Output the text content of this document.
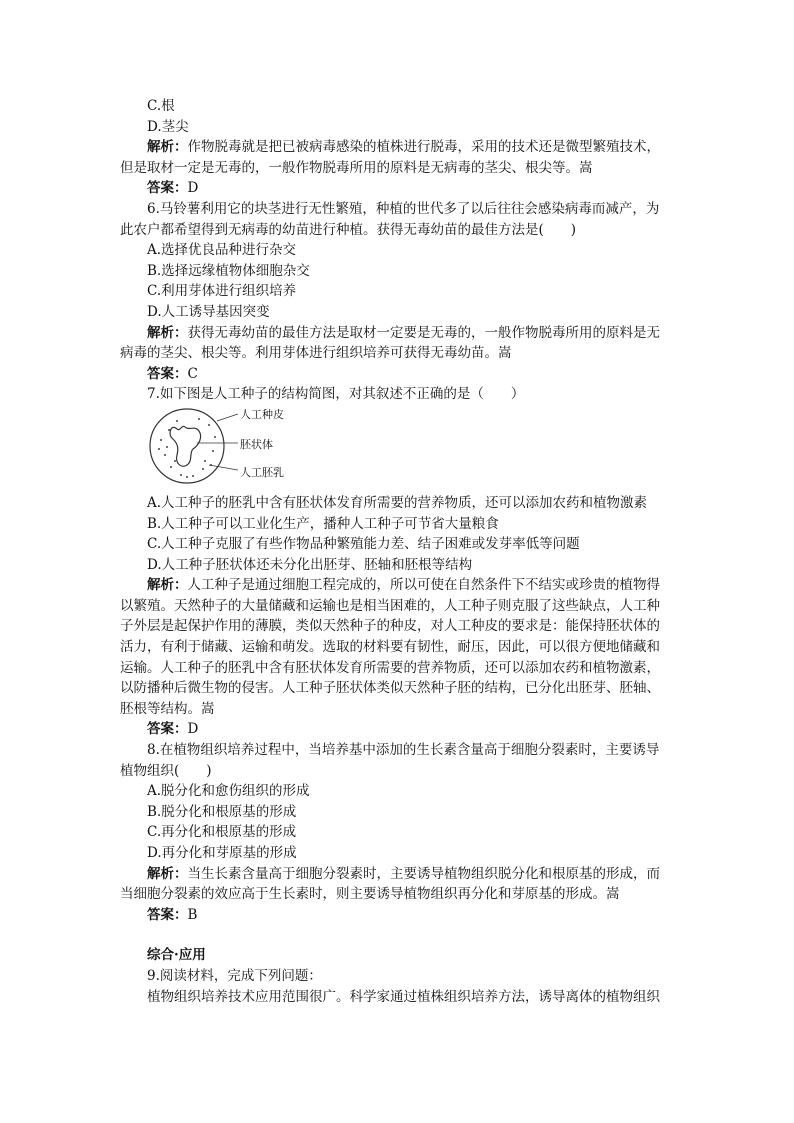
C.根
D.茎尖
解析：作物脱毒就是把已被病毒感染的植株进行脱毒，采用的技术还是微型繁殖技术，
但是取材一定是无毒的，一般作物脱毒所用的原料是无病毒的茎尖、根尖等。嵩
答案：D
6.马铃薯利用它的块茎进行无性繁殖，种植的世代多了以后往往会感染病毒而减产，为
此农户都希望得到无病毒的幼苗进行种植。获得无毒幼苗的最佳方法是(　　)
A.选择优良品种进行杂交
B.选择远缘植物体细胞杂交
C.利用芽体进行组织培养
D.人工诱导基因突变
解析：获得无毒幼苗的最佳方法是取材一定要是无毒的，一般作物脱毒所用的原料是无
病毒的茎尖、根尖等。利用芽体进行组织培养可获得无毒幼苗。嵩
答案：C
7.如下图是人工种子的结构简图，对其叙述不正确的是（　　）
人工种皮
胚状体
人工胚乳
A.人工种子的胚乳中含有胚状体发育所需要的营养物质，还可以添加农药和植物激素
B.人工种子可以工业化生产，播种人工种子可节省大量粮食
C.人工种子克服了有些作物品种繁殖能力差、结子困难或发芽率低等问题
D.人工种子胚状体还未分化出胚芽、胚轴和胚根等结构
解析：人工种子是通过细胞工程完成的，所以可使在自然条件下不结实或珍贵的植物得
以繁殖。天然种子的大量储藏和运输也是相当困难的，人工种子则克服了这些缺点，人工种
子外层是起保护作用的薄膜，类似天然种子的种皮，对人工种皮的要求是：能保持胚状体的
活力，有利于储藏、运输和萌发。选取的材料要有韧性，耐压，因此，可以很方便地储藏和
运输。人工种子的胚乳中含有胚状体发育所需要的营养物质，还可以添加农药和植物激素，
以防播种后微生物的侵害。人工种子胚状体类似天然种子胚的结构，已分化出胚芽、胚轴、
胚根等结构。嵩
答案：D
8.在植物组织培养过程中，当培养基中添加的生长素含量高于细胞分裂素时，主要诱导
植物组织(　　)
A.脱分化和愈伤组织的形成
B.脱分化和根原基的形成
C.再分化和根原基的形成
D.再分化和芽原基的形成
解析：当生长素含量高于细胞分裂素时，主要诱导植物组织脱分化和根原基的形成，而
当细胞分裂素的效应高于生长素时，则主要诱导植物组织再分化和芽原基的形成。嵩
答案：B
综合·应用
9.阅读材料，完成下列问题：
植物组织培养技术应用范围很广。科学家通过植株组织培养方法，诱导离体的植物组织
